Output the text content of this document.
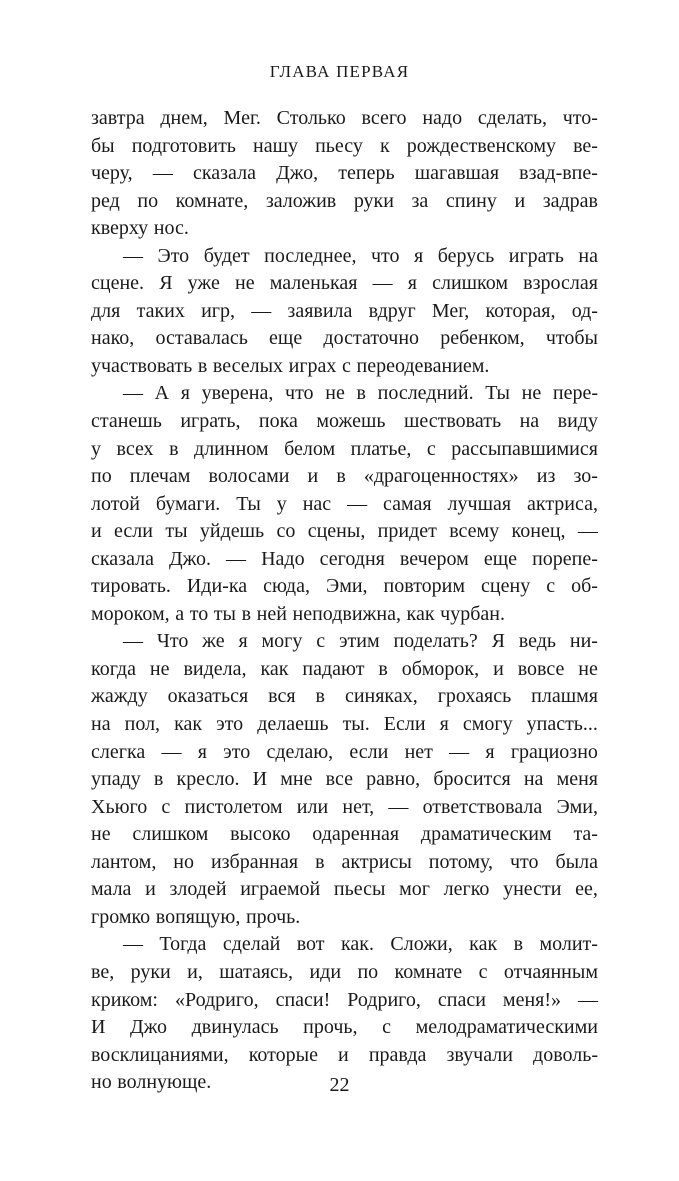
ГЛАВА ПЕРВАЯ
завтра днем, Мег. Столько всего надо сделать, что-
бы подготовить нашу пьесу к рождественскому ве-
черу, — сказала Джо, теперь шагавшая взад-впе-
ред по комнате, заложив руки за спину и задрав
кверху нос.
— Это будет последнее, что я берусь играть на
сцене. Я уже не маленькая — я слишком взрослая
для таких игр, — заявила вдруг Мег, которая, од-
нако, оставалась еще достаточно ребенком, чтобы
участвовать в веселых играх с переодеванием.
— А я уверена, что не в последний. Ты не пере-
станешь играть, пока можешь шествовать на виду
у всех в длинном белом платье, с рассыпавшимися
по плечам волосами и в «драгоценностях» из зо-
лотой бумаги. Ты у нас — самая лучшая актриса,
и если ты уйдешь со сцены, придет всему конец, —
сказала Джо. — Надо сегодня вечером еще порепе-
тировать. Иди-ка сюда, Эми, повторим сцену с об-
мороком, а то ты в ней неподвижна, как чурбан.
— Что же я могу с этим поделать? Я ведь ни-
когда не видела, как падают в обморок, и вовсе не
жажду оказаться вся в синяках, грохаясь плашмя
на пол, как это делаешь ты. Если я смогу упасть...
слегка — я это сделаю, если нет — я грациозно
упаду в кресло. И мне все равно, бросится на меня
Хьюго с пистолетом или нет, — ответствовала Эми,
не слишком высоко одаренная драматическим та-
лантом, но избранная в актрисы потому, что была
мала и злодей играемой пьесы мог легко унести ее,
громко вопящую, прочь.
— Тогда сделай вот как. Сложи, как в молит-
ве, руки и, шатаясь, иди по комнате с отчаянным
криком: «Родриго, спаси! Родриго, спаси меня!» —
И Джо двинулась прочь, с мелодраматическими
восклицаниями, которые и правда звучали доволь-
но волнующе.	22
